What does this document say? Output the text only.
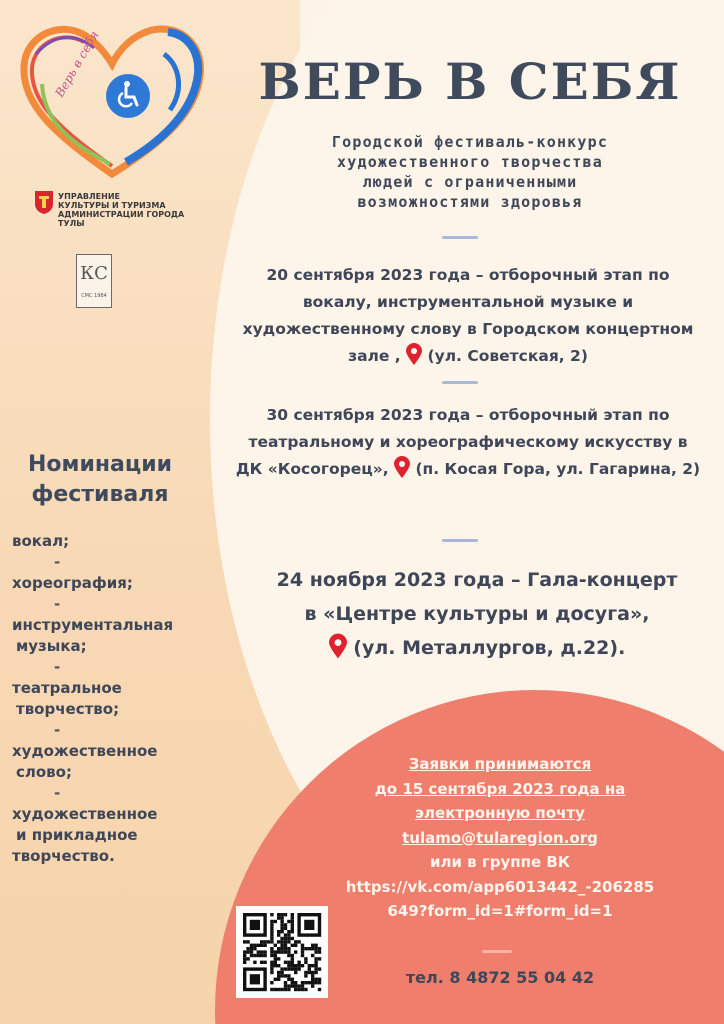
Верь в себя
УПРАВЛЕНИЕ
КУЛЬТУРЫ И ТУРИЗМА
АДМИНИСТРАЦИИ ГОРОДА ТУЛЫ
КС
СМС 1984
ВЕРЬ В СЕБЯ
Городской фестиваль-конкурс
художественного творчества
людей с ограниченными
возможностями здоровья
20 сентября 2023 года – отборочный этап по
вокалу, инструментальной музыке и
художественному слову в Городском концертном
зале , (ул. Советская, 2)
30 сентября 2023 года – отборочный этап по
театральному и хореографическому искусству в
ДК «Косогорец», (п. Косая Гора, ул. Гагарина, 2)
24 ноября 2023 года – Гала-концерт
в «Центре культуры и досуга»,
(ул. Металлургов, д.22).
Номинации
фестиваля
вокал;
-
хореография;
-
инструментальная
музыка;
-
театральное
творчество;
-
художественное
слово;
-
художественное
и прикладное
творчество.
Заявки принимаются
до 15 сентября 2023 года на
электронную почту
tulamo@tularegion.org
или в группе ВК
https://vk.com/app6013442_-206285
649?form_id=1#form_id=1
тел. 8 4872 55 04 42
